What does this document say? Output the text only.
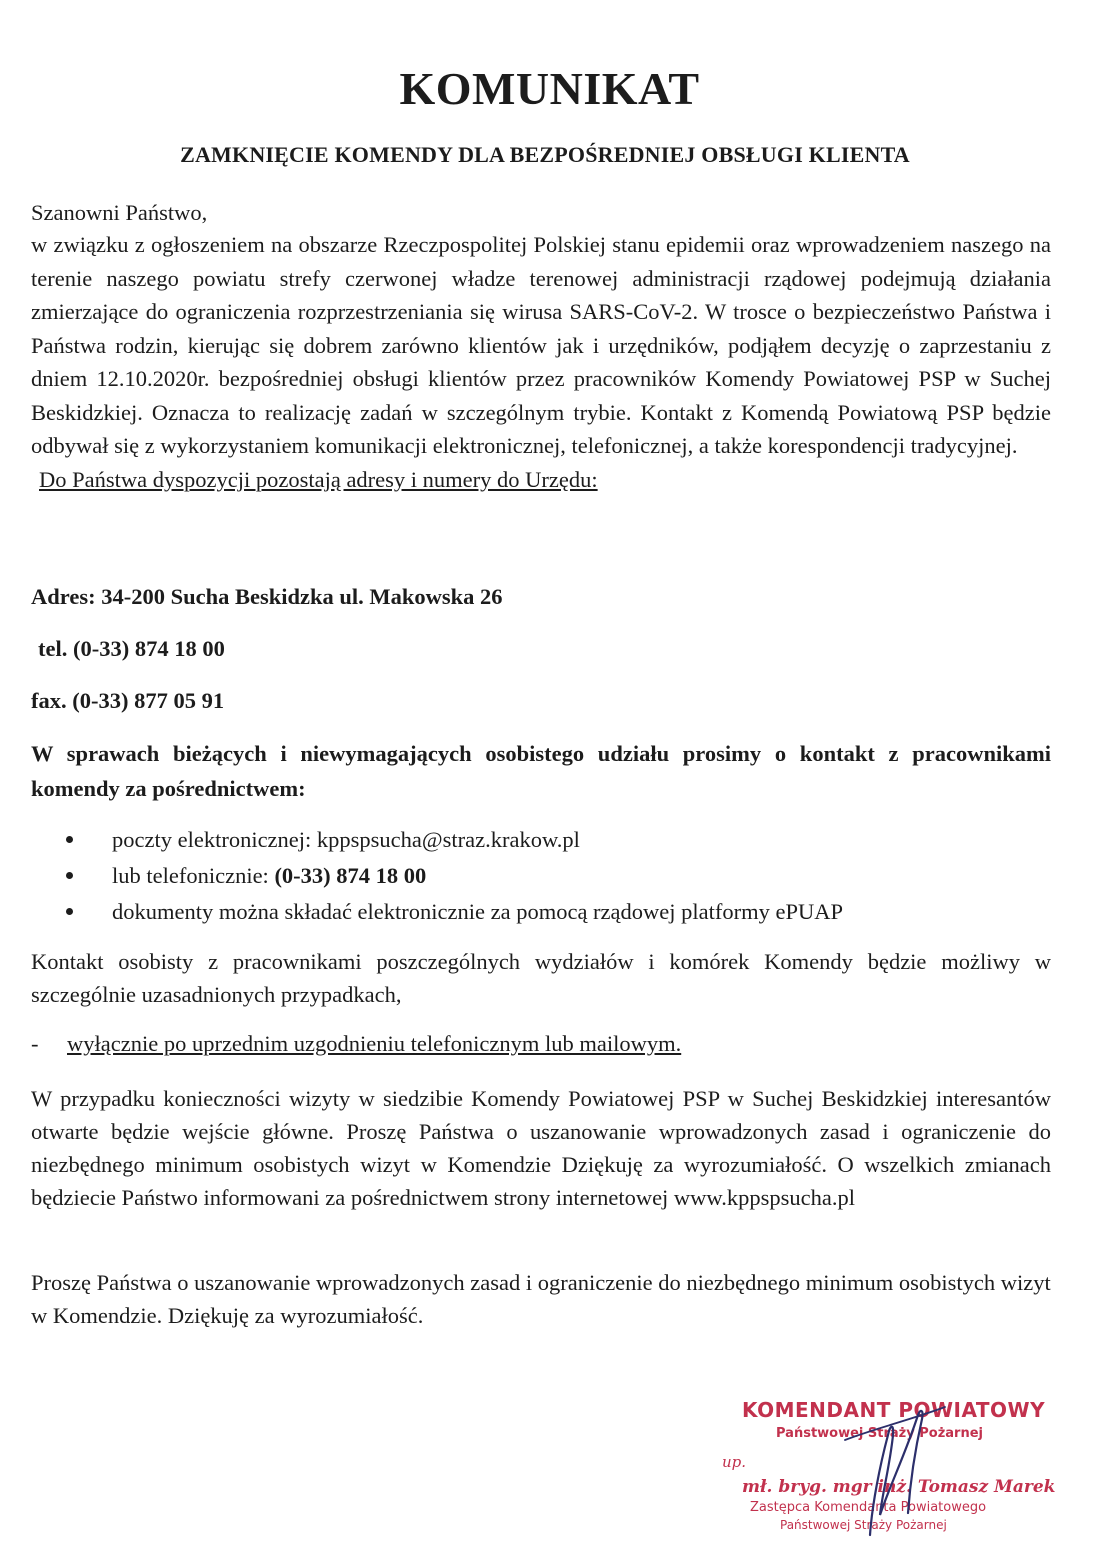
KOMUNIKAT
ZAMKNIĘCIE KOMENDY DLA BEZPOŚREDNIEJ OBSŁUGI KLIENTA
Szanowni Państwo,
w związku z ogłoszeniem na obszarze Rzeczpospolitej Polskiej stanu epidemii oraz wprowadzeniem naszego na terenie naszego powiatu strefy czerwonej władze terenowej administracji rządowej podejmują działania zmierzające do ograniczenia rozprzestrzeniania się wirusa SARS-CoV-2. W trosce o bezpieczeństwo Państwa i Państwa rodzin, kierując się dobrem zarówno klientów jak i urzędników, podjąłem decyzję o zaprzestaniu z dniem 12.10.2020r. bezpośredniej obsługi klientów przez pracowników Komendy Powiatowej PSP w Suchej Beskidzkiej. Oznacza to realizację zadań w szczególnym trybie. Kontakt z Komendą Powiatową PSP będzie odbywał się z wykorzystaniem komunikacji elektronicznej, telefonicznej, a także korespondencji tradycyjnej.
Do Państwa dyspozycji pozostają adresy i numery do Urzędu:
Adres: 34-200 Sucha Beskidzka ul. Makowska 26
tel. (0-33) 874 18 00
fax. (0-33) 877 05 91
W sprawach bieżących i niewymagających osobistego udziału prosimy o kontakt z pracownikami komendy za pośrednictwem:
poczty elektronicznej: kppspsucha@straz.krakow.pl
lub telefonicznie: (0-33) 874 18 00
dokumenty można składać elektronicznie za pomocą rządowej platformy ePUAP
Kontakt osobisty z pracownikami poszczególnych wydziałów i komórek Komendy będzie możliwy w szczególnie uzasadnionych przypadkach,
- wyłącznie po uprzednim uzgodnieniu telefonicznym lub mailowym.
W przypadku konieczności wizyty w siedzibie Komendy Powiatowej PSP w Suchej Beskidzkiej interesantów otwarte będzie wejście główne. Proszę Państwa o uszanowanie wprowadzonych zasad i ograniczenie do niezbędnego minimum osobistych wizyt w Komendzie Dziękuję za wyrozumiałość. O wszelkich zmianach będziecie Państwo informowani za pośrednictwem strony internetowej www.kppspsucha.pl
Proszę Państwa o uszanowanie wprowadzonych zasad i ograniczenie do niezbędnego minimum osobistych wizyt w Komendzie. Dziękuję za wyrozumiałość.
KOMENDANT POWIATOWY
Państwowej Straży Pożarnej
up.
mł. bryg. mgr inż. Tomasz Marek
Zastępca Komendanta Powiatowego
Państwowej Straży Pożarnej
